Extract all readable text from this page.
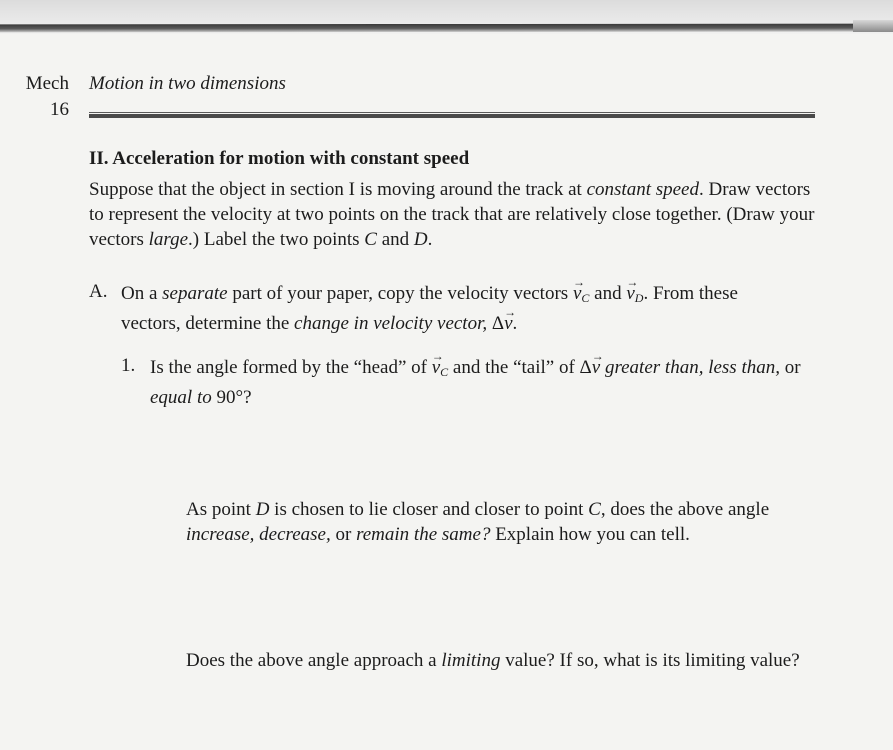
Mech
16
Motion in two dimensions
II. Acceleration for motion with constant speed
Suppose that the object in section I is moving around the track at constant speed. Draw vectors to represent the velocity at two points on the track that are relatively close together. (Draw your vectors large.) Label the two points C and D.
A. On a separate part of your paper, copy the velocity vectors → $v_C$ and → $v_D$. From these vectors, determine the change in velocity vector, Δ→ v.
1. Is the angle formed by the “head” of → $v_C$ and the “tail” of Δ→ v greater than, less than, or equal to 90°?
As point D is chosen to lie closer and closer to point C, does the above angle increase, decrease, or remain the same? Explain how you can tell.
Does the above angle approach a limiting value? If so, what is its limiting value?
